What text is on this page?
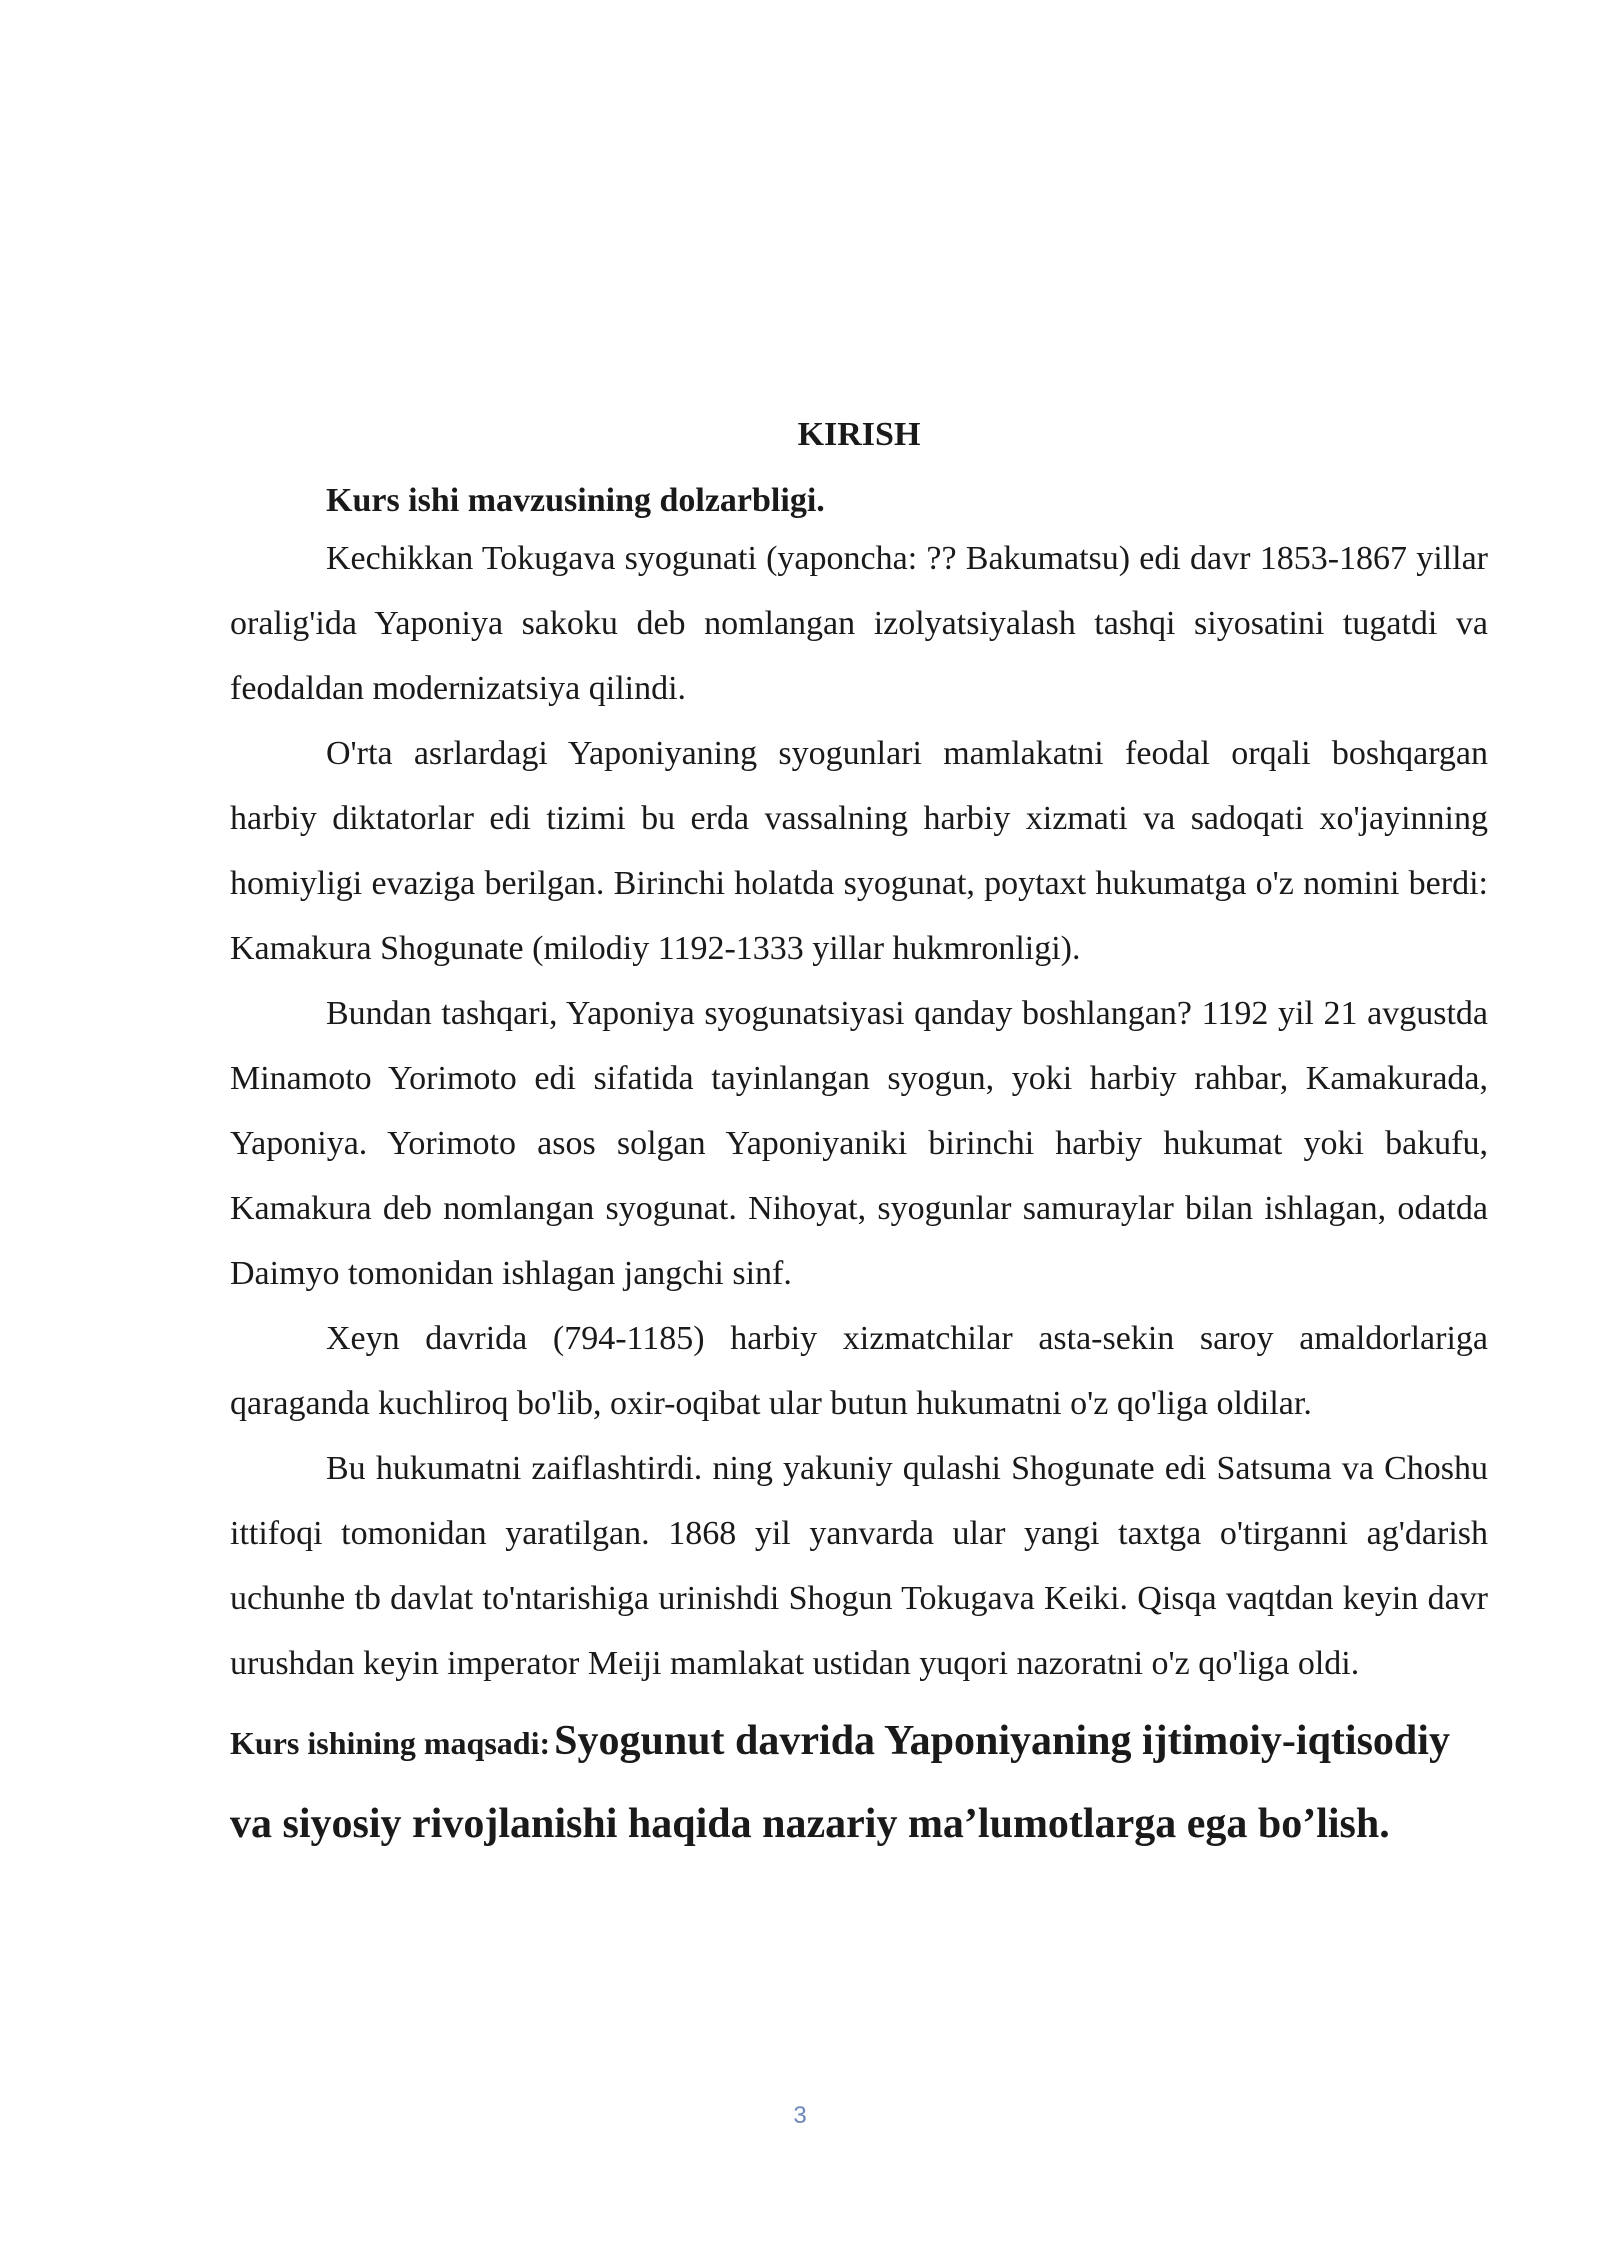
KIRISH
Kurs ishi mavzusining dolzarbligi.

Kechikkan Tokugava syogunati (yaponcha: ?? Bakumatsu) edi davr 1853-1867 yillar oralig'ida Yaponiya sakoku deb nomlangan izolyatsiyalash tashqi siyosatini tugatdi va feodaldan modernizatsiya qilindi.

O'rta asrlardagi Yaponiyaning syogunlari mamlakatni feodal orqali boshqargan harbiy diktatorlar edi tizimi bu erda vassalning harbiy xizmati va sadoqati xo'jayinning homiyligi evaziga berilgan. Birinchi holatda syogunat, poytaxt hukumatga o'z nomini berdi: Kamakura Shogunate (milodiy 1192-1333 yillar hukmronligi).

Bundan tashqari, Yaponiya syogunatsiyasi qanday boshlangan? 1192 yil 21 avgustda Minamoto Yorimoto edi sifatida tayinlangan syogun, yoki harbiy rahbar, Kamakurada, Yaponiya. Yorimoto asos solgan Yaponiyaniki birinchi harbiy hukumat yoki bakufu, Kamakura deb nomlangan syogunat. Nihoyat, syogunlar samuraylar bilan ishlagan, odatda Daimyo tomonidan ishlagan jangchi sinf.

Xeyn davrida (794-1185) harbiy xizmatchilar asta-sekin saroy amaldorlariga qaraganda kuchliroq bo'lib, oxir-oqibat ular butun hukumatni o'z qo'liga oldilar.

Bu hukumatni zaiflashtirdi. ning yakuniy qulashi Shogunate edi Satsuma va Choshu ittifoqi tomonidan yaratilgan. 1868 yil yanvarda ular yangi taxtga o'tirganni ag'darish uchunhe tb davlat to'ntarishiga urinishdi Shogun Tokugava Keiki. Qisqa vaqtdan keyin davr urushdan keyin imperator Meiji mamlakat ustidan yuqori nazoratni o'z qo'liga oldi.

Kurs ishining maqsadi: Syogunut davrida Yaponiyaning ijtimoiy-iqtisodiy va siyosiy rivojlanishi haqida nazariy ma’lumotlarga ega bo’lish.

3
